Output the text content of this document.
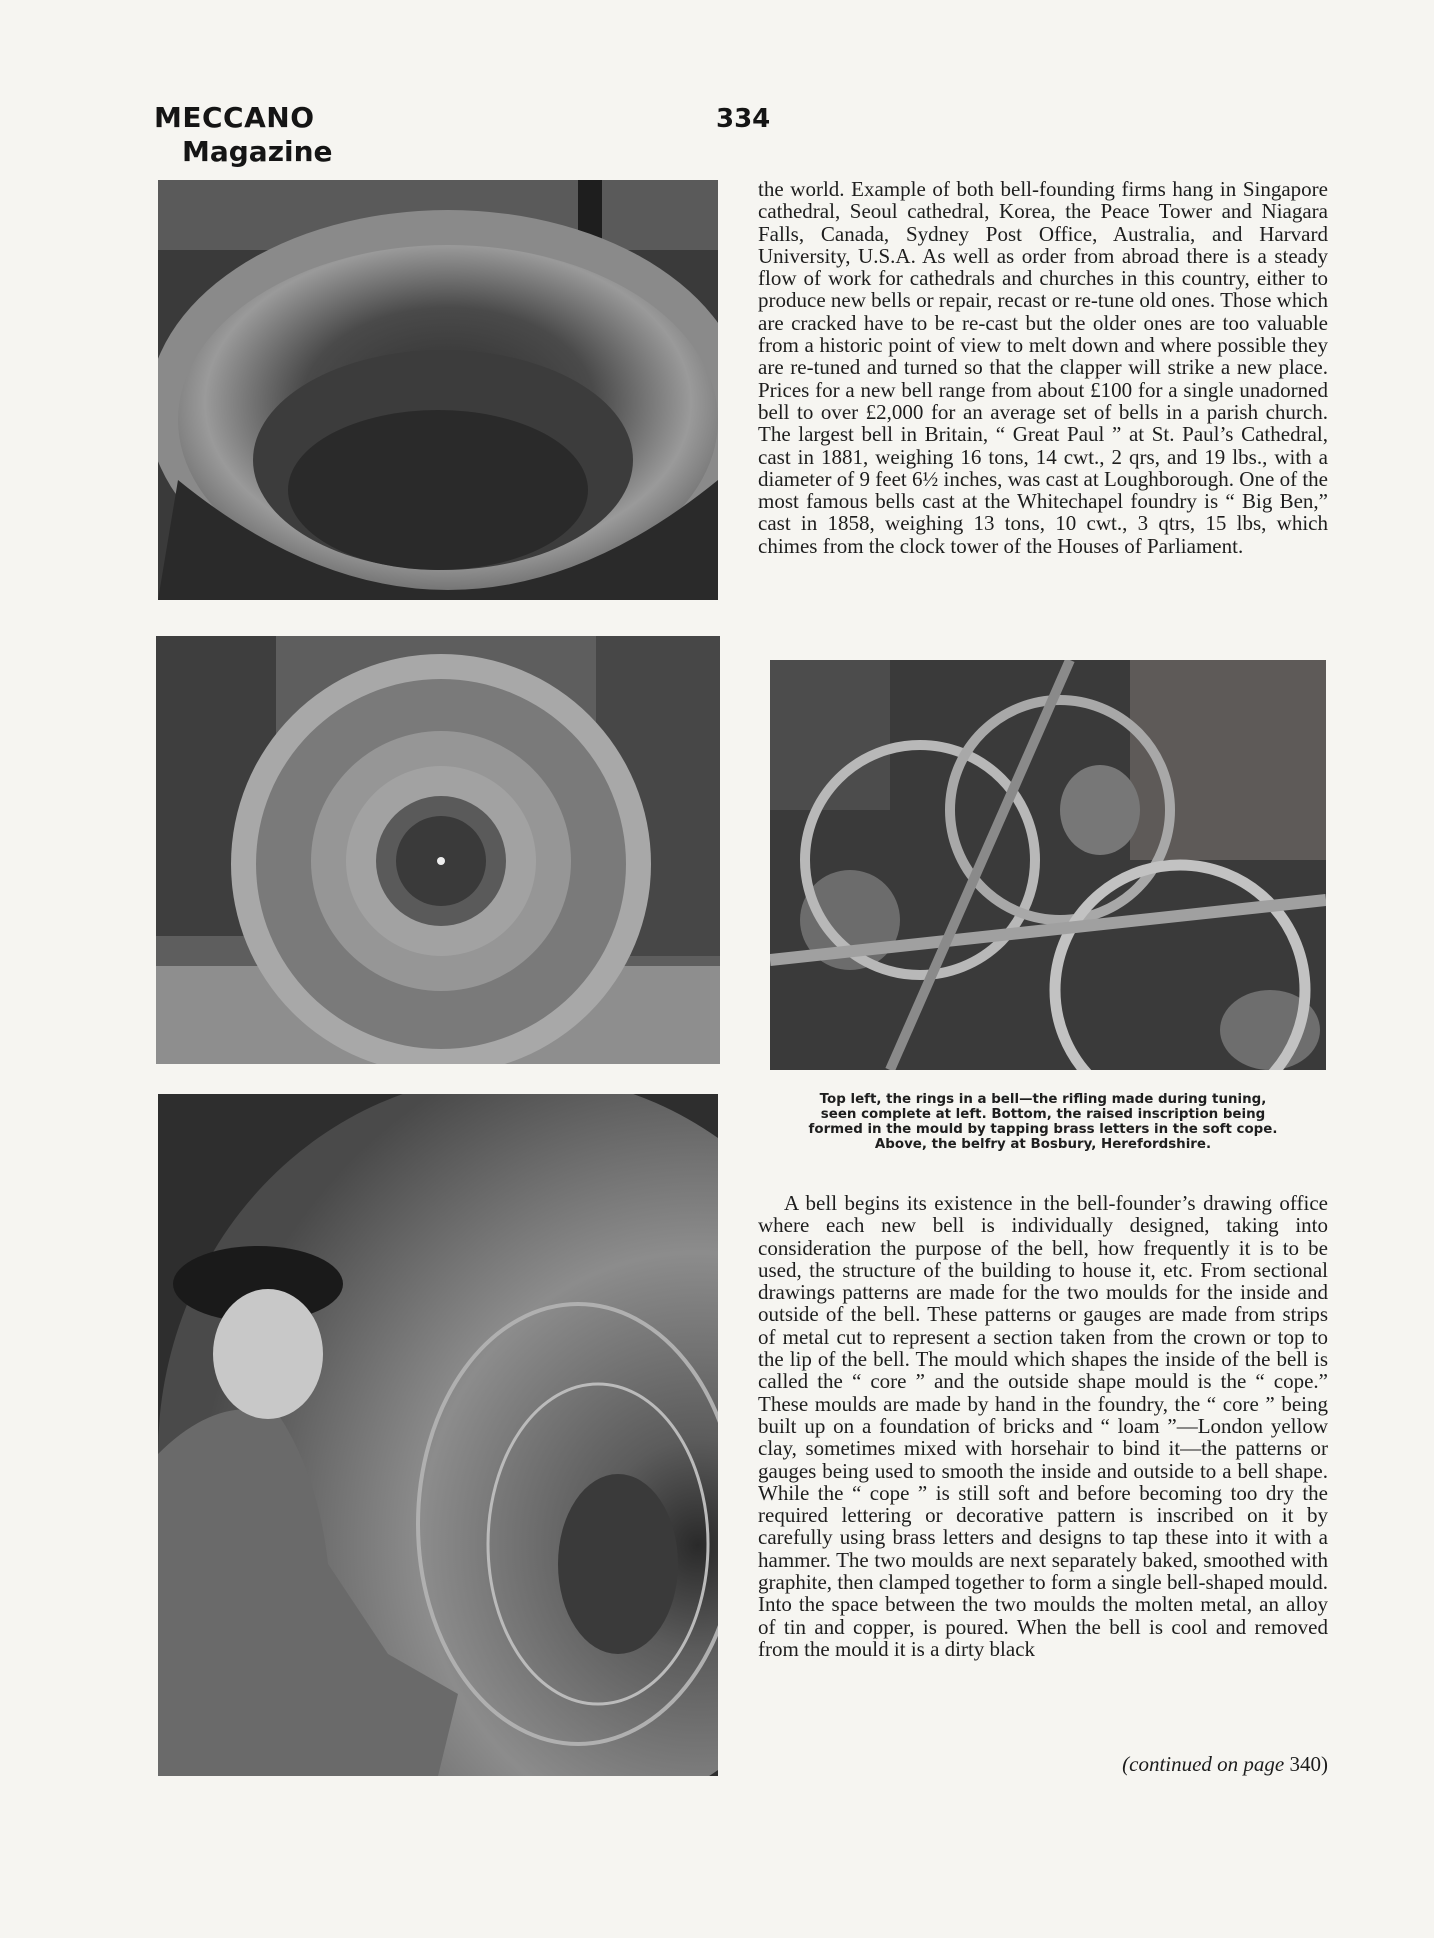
MECCANO
Magazine
334

the world. Example of both bell-founding firms hang in Singapore cathedral, Seoul cathedral, Korea, the Peace Tower and Niagara Falls, Canada, Sydney Post Office, Australia, and Harvard University, U.S.A. As well as order from abroad there is a steady flow of work for cathedrals and churches in this country, either to produce new bells or repair, recast or re-tune old ones. Those which are cracked have to be re-cast but the older ones are too valuable from a historic point of view to melt down and where possible they are re-tuned and turned so that the clapper will strike a new place. Prices for a new bell range from about £100 for a single unadorned bell to over £2,000 for an average set of bells in a parish church. The largest bell in Britain, “ Great Paul ” at St. Paul’s Cathedral, cast in 1881, weighing 16 tons, 14 cwt., 2 qrs, and 19 lbs., with a diameter of 9 feet 6½ inches, was cast at Loughborough. One of the most famous bells cast at the Whitechapel foundry is “ Big Ben,” cast in 1858, weighing 13 tons, 10 cwt., 3 qtrs, 15 lbs, which chimes from the clock tower of the Houses of Parliament.

Top left, the rings in a bell—the rifling made during tuning,
seen complete at left. Bottom, the raised inscription being
formed in the mould by tapping brass letters in the soft cope.
Above, the belfry at Bosbury, Herefordshire.

A bell begins its existence in the bell-founder’s drawing office where each new bell is individually designed, taking into consideration the purpose of the bell, how frequently it is to be used, the structure of the building to house it, etc. From sectional drawings patterns are made for the two moulds for the inside and outside of the bell. These patterns or gauges are made from strips of metal cut to represent a section taken from the crown or top to the lip of the bell. The mould which shapes the inside of the bell is called the “ core ” and the outside shape mould is the “ cope.” These moulds are made by hand in the foundry, the “ core ” being built up on a foundation of bricks and “ loam ”—London yellow clay, sometimes mixed with horsehair to bind it—the patterns or gauges being used to smooth the inside and outside to a bell shape. While the “ cope ” is still soft and before becoming too dry the required lettering or decorative pattern is inscribed on it by carefully using brass letters and designs to tap these into it with a hammer. The two moulds are next separately baked, smoothed with graphite, then clamped together to form a single bell-shaped mould. Into the space between the two moulds the molten metal, an alloy of tin and copper, is poured. When the bell is cool and removed from the mould it is a dirty black

(continued on page 340)
